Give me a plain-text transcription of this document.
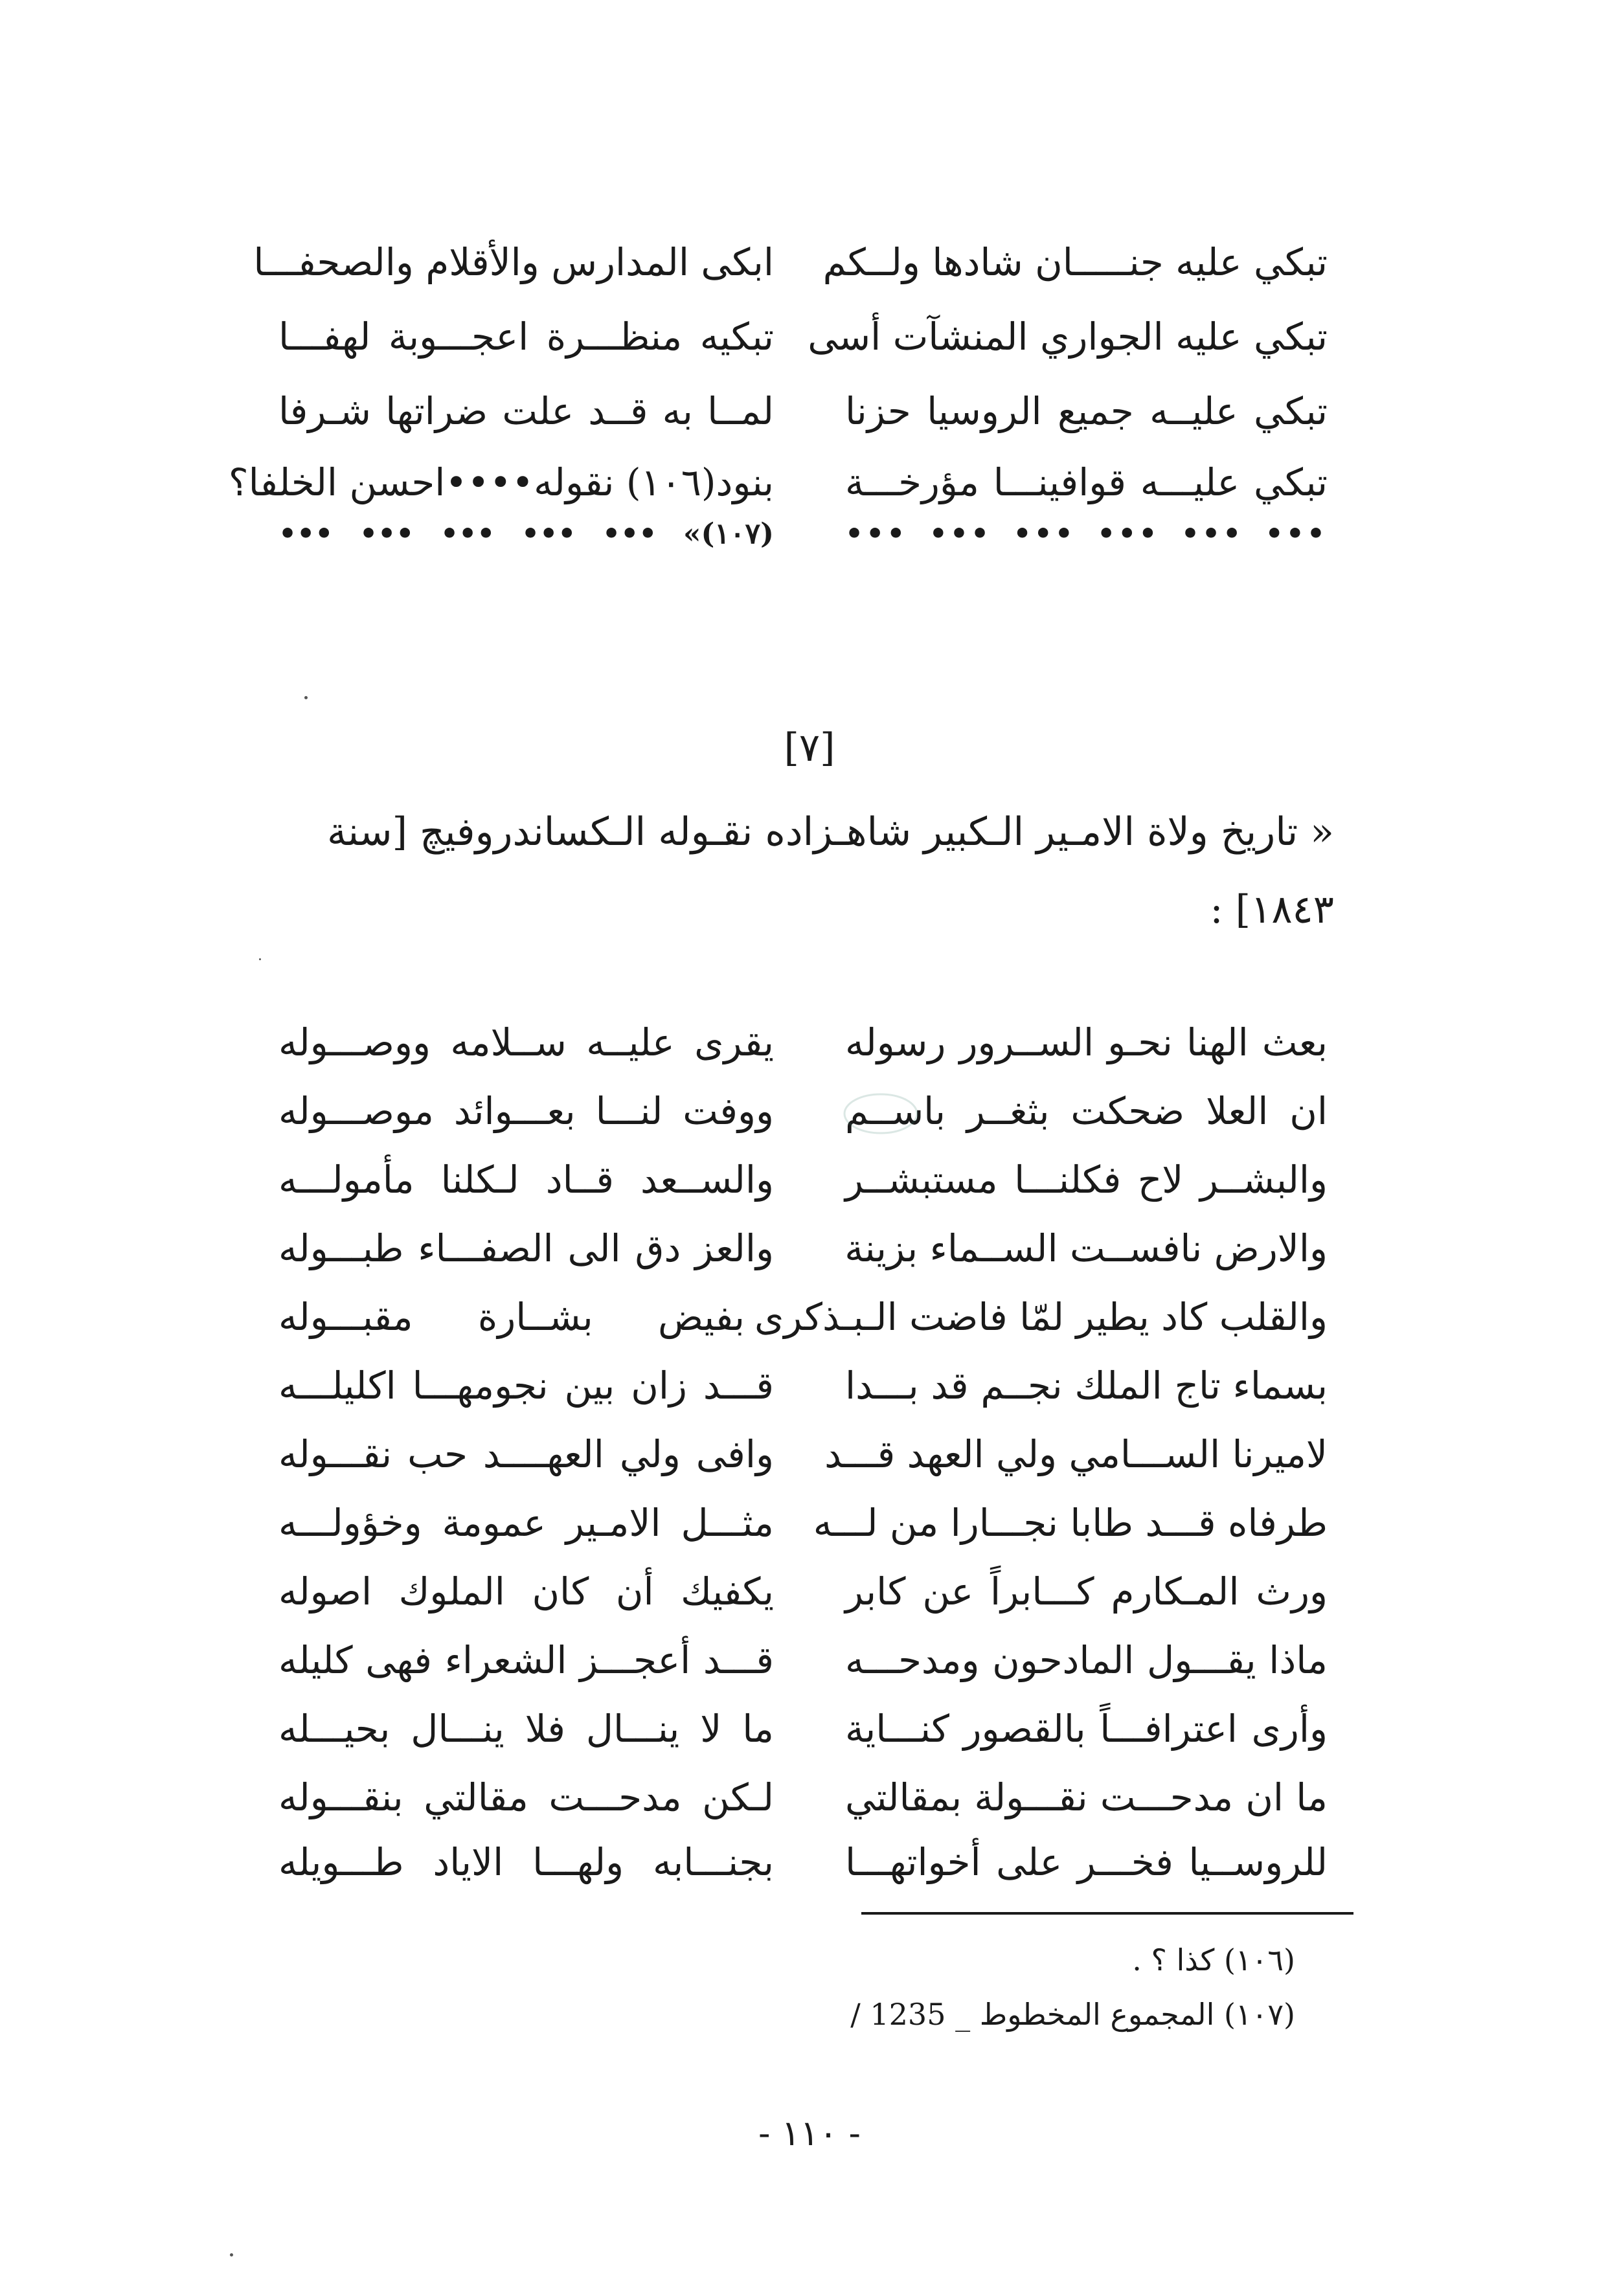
تبكي عليه جنـــــان شادها ولــكم
ابكى المدارس والأقلام والصحفـــا
تبكي عليه الجواري المنشآت أسى
تبكيه منظـــرة اعجـــوبة لهفـــا
تبكي عليــه جميع الروسيا حزنا
لمــا به قــد علت ضراتها شـرفا
تبكي عليـــه قوافينـــا مؤرخـــة
بنود(١٠٦) نقوله••••احسن الخلفا؟
••• ••• ••• ••• ••• •••
(١٠٧)» ••• ••• ••• ••• •••
[٧]
« تاريخ ولاة الامـير الـكبير شاهـزاده نقـوله الـكساندروفيچ [سنة ١٨٤٣] :
بعث الهنا نحـو الســرور رسوله
يقرى عليــه ســلامه ووصـــوله
ان العلا ضحكت بثغــر باســم
ووفت لنـــا بعـــوائد موصـــوله
والبشــر لاح فكلنـــا مستبشــر
والســعد قــاد لـكلنا مأمولـــه
والارض نافســت الســماء بزينة
والعز دق الى الصفـــاء طبـــوله
والقلب كاد يطير لمّا فاضت الـبـذكرى
بفيض بشــارة مقبـــوله
بسماء تاج الملك نجــم قد بـــدا
قـــد زان بين نجومهـــا اكليلـــه
لاميرنا الســـامي ولي العهد قـــد
وافى ولي العهــــد حب نقـــوله
طرفاه قـــد طابا نجـــارا من لـــه
مثـــل الامـير عمومة وخؤولـــه
ورث المـكارم كـــابراً عن كابر
يكفيك أن كان الملوك اصوله
ماذا يقـــول المادحون ومدحـــه
قـــد أعجـــز الشعراء فهى كليله
وأرى اعترافـــاً بالقصور كنـــاية
ما لا ينـــال فلا ينـــال بحيـــله
ما ان مدحـــت نقـــولة بمقالتي
لـكن مدحـــت مقالتي بنقـــوله
للروســيا فخـــر على أخواتهـــا
بجنـــابه ولهـــا الاياد طـــويله
(١٠٦) كذا ؟ .
(١٠٧) المجموع المخطوط _ 1235 /
- ١١٠ -
